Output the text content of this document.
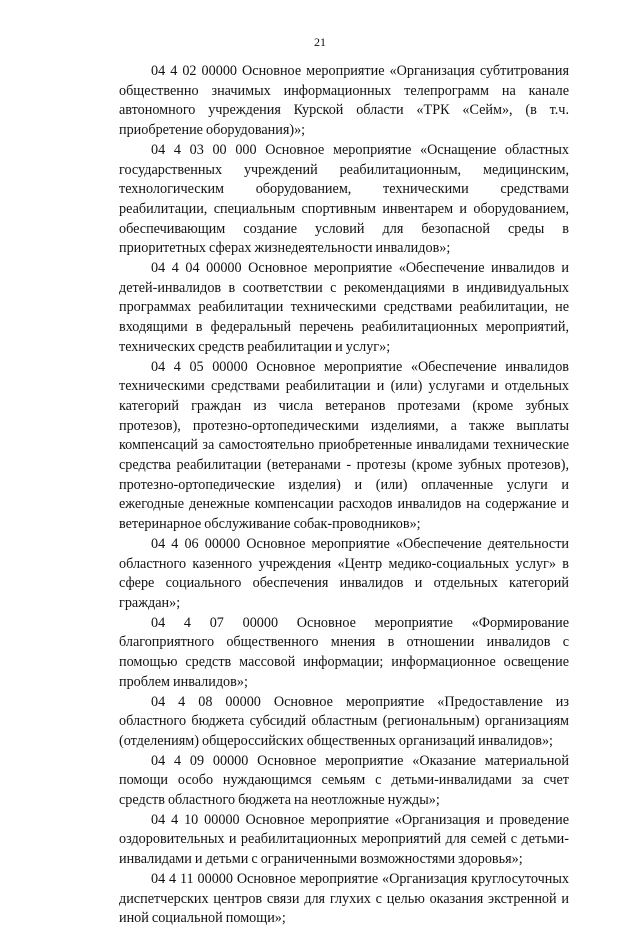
21

04 4 02 00000 Основное мероприятие «Организация субтитрования общественно значимых информационных телепрограмм на канале автономного учреждения Курской области «ТРК «Сейм», (в т.ч. приобретение оборудования)»;

04 4 03 00 000 Основное мероприятие «Оснащение областных государственных учреждений реабилитационным, медицинским, технологическим оборудованием, техническими средствами реабилитации, специальным спортивным инвентарем и оборудованием, обеспечивающим создание условий для безопасной среды в приоритетных сферах жизнедеятельности инвалидов»;

04 4 04 00000 Основное мероприятие «Обеспечение инвалидов и детей-инвалидов в соответствии с рекомендациями в индивидуальных программах реабилитации техническими средствами реабилитации, не входящими в федеральный перечень реабилитационных мероприятий, технических средств реабилитации и услуг»;

04 4 05 00000 Основное мероприятие «Обеспечение инвалидов техническими средствами реабилитации и (или) услугами и отдельных категорий граждан из числа ветеранов протезами (кроме зубных протезов), протезно-ортопедическими изделиями, а также выплаты компенсаций за самостоятельно приобретенные инвалидами технические средства реабилитации (ветеранами - протезы (кроме зубных протезов), протезно-ортопедические изделия) и (или) оплаченные услуги и ежегодные денежные компенсации расходов инвалидов на содержание и ветеринарное обслуживание собак-проводников»;

04 4 06 00000 Основное мероприятие «Обеспечение деятельности областного казенного учреждения «Центр медико-социальных услуг» в сфере социального обеспечения инвалидов и отдельных категорий граждан»;

04 4 07 00000 Основное мероприятие «Формирование благоприятного общественного мнения в отношении инвалидов с помощью средств массовой информации; информационное освещение проблем инвалидов»;

04 4 08 00000 Основное мероприятие «Предоставление из областного бюджета субсидий областным (региональным) организациям (отделениям) общероссийских общественных организаций инвалидов»;

04 4 09 00000 Основное мероприятие «Оказание материальной помощи особо нуждающимся семьям с детьми-инвалидами за счет средств областного бюджета на неотложные нужды»;

04 4 10 00000 Основное мероприятие «Организация и проведение оздоровительных и реабилитационных мероприятий для семей с детьми-инвалидами и детьми с ограниченными возможностями здоровья»;

04 4 11 00000 Основное мероприятие «Организация круглосуточных диспетчерских центров связи для глухих с целью оказания экстренной и иной социальной помощи»;
